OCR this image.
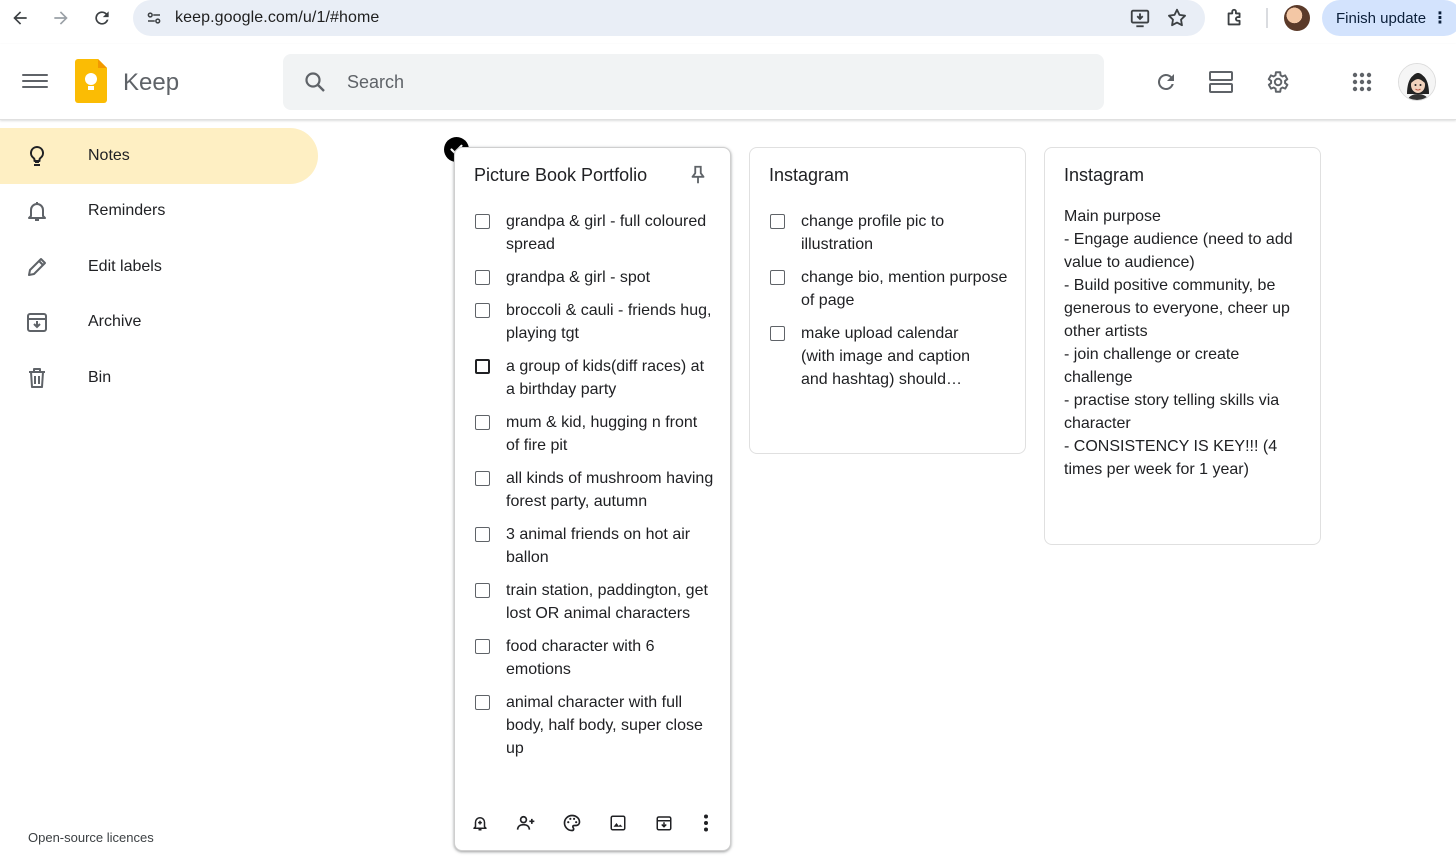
keep.google.com/u/1/#home	Finish update ⋮
Keep
Search
Notes
Reminders
Edit labels
Archive
Bin
Open-source licences
Picture Book Portfolio
grandpa & girl - full coloured spread
grandpa & girl - spot
broccoli & cauli - friends hug, playing tgt
a group of kids(diff races) at a birthday party
mum & kid, hugging n front of fire pit
all kinds of mushroom having forest party, autumn
3 animal friends on hot air ballon
train station, paddington, get lost OR animal characters
food character with 6 emotions
animal character with full body, half body, super close up
Instagram
change profile pic to illustration
change bio, mention purpose of page
make upload calendar (with image and caption and hashtag) should…
Instagram
Main purpose
- Engage audience (need to add value to audience)
- Build positive community, be generous to everyone, cheer up other artists
- join challenge or create challenge
- practise story telling skills via character
- CONSISTENCY IS KEY!!! (4 times per week for 1 year)
